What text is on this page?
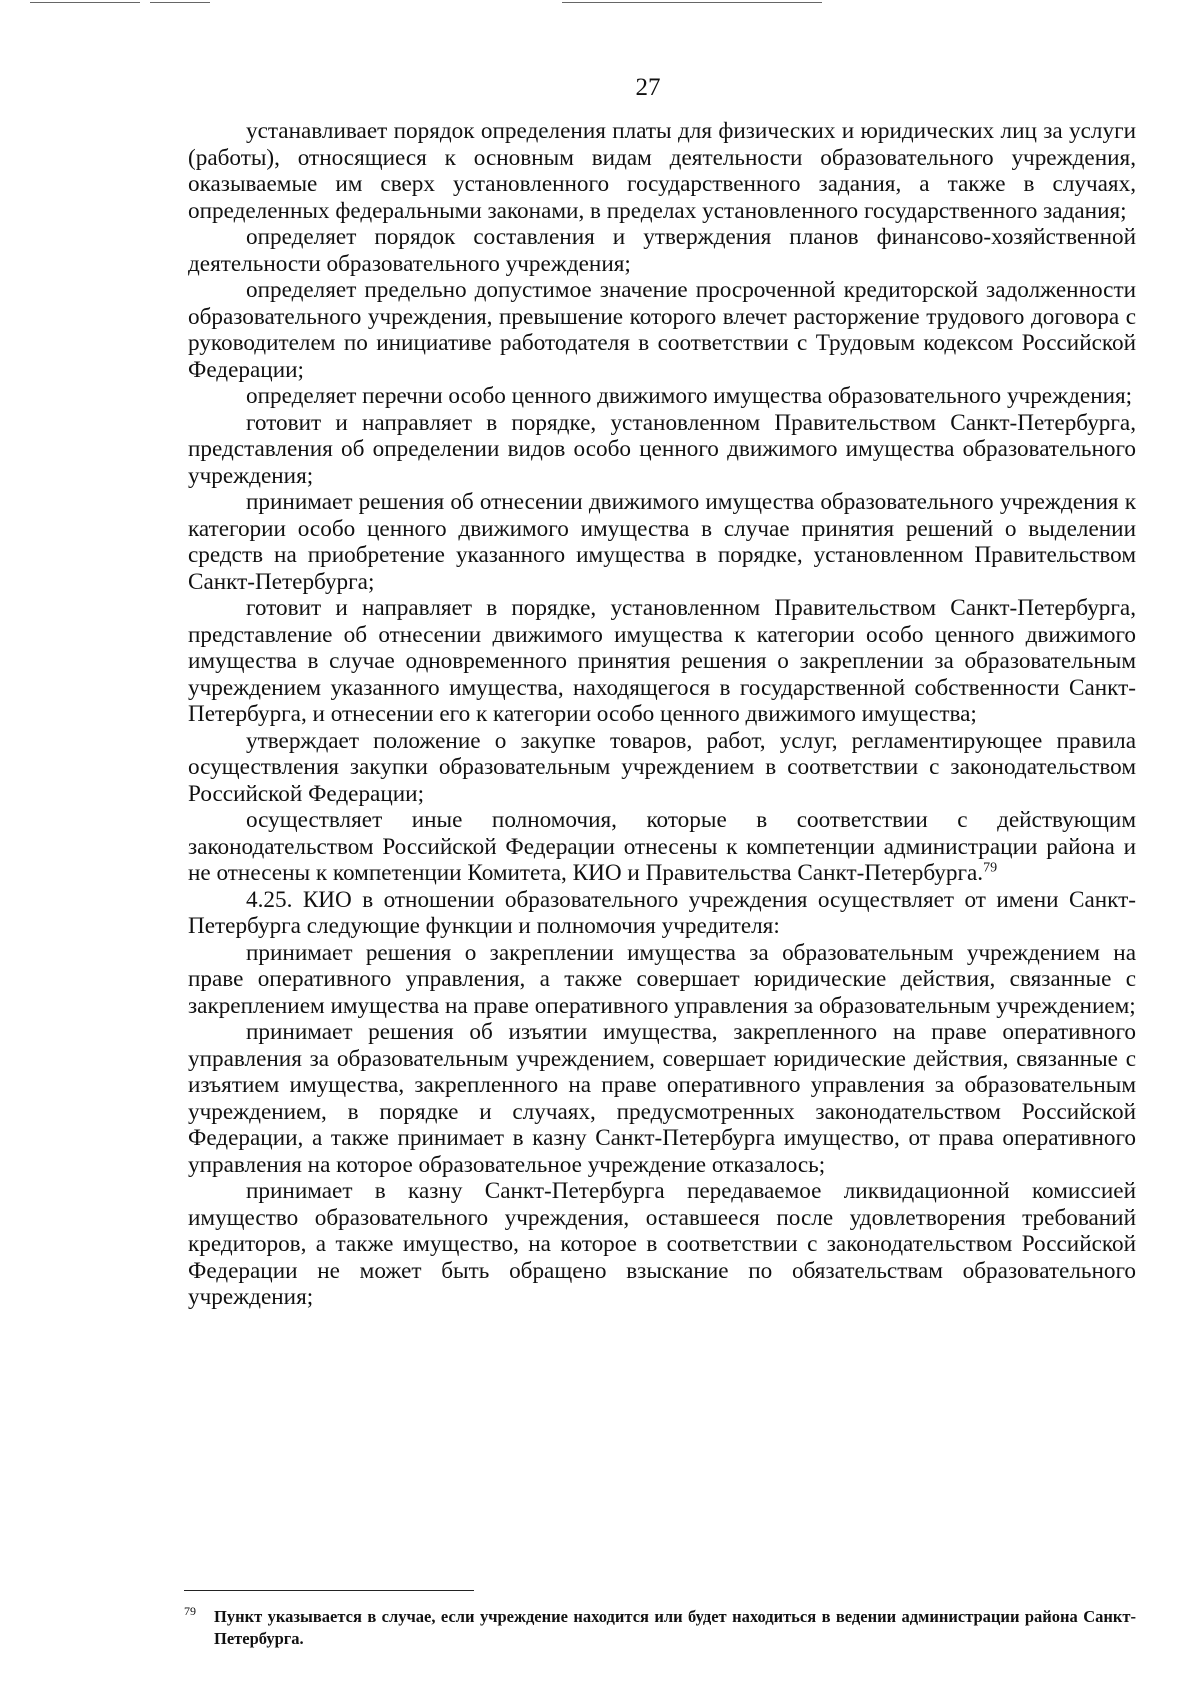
27

устанавливает порядок определения платы для физических и юридических лиц за услуги (работы), относящиеся к основным видам деятельности образовательного учреждения, оказываемые им сверх установленного государственного задания, а также в случаях, определенных федеральными законами, в пределах установленного государственного задания;

определяет порядок составления и утверждения планов финансово-хозяйственной деятельности образовательного учреждения;

определяет предельно допустимое значение просроченной кредиторской задолженности образовательного учреждения, превышение которого влечет расторжение трудового договора с руководителем по инициативе работодателя в соответствии с Трудовым кодексом Российской Федерации;

определяет перечни особо ценного движимого имущества образовательного учреждения;

готовит и направляет в порядке, установленном Правительством Санкт-Петербурга, представления об определении видов особо ценного движимого имущества образовательного учреждения;

принимает решения об отнесении движимого имущества образовательного учреждения к категории особо ценного движимого имущества в случае принятия решений о выделении средств на приобретение указанного имущества в порядке, установленном Правительством Санкт-Петербурга;

готовит и направляет в порядке, установленном Правительством Санкт-Петербурга, представление об отнесении движимого имущества к категории особо ценного движимого имущества в случае одновременного принятия решения о закреплении за образовательным учреждением указанного имущества, находящегося в государственной собственности Санкт-Петербурга, и отнесении его к категории особо ценного движимого имущества;

утверждает положение о закупке товаров, работ, услуг, регламентирующее правила осуществления закупки образовательным учреждением в соответствии с законодательством Российской Федерации;

осуществляет иные полномочия, которые в соответствии с действующим законодательством Российской Федерации отнесены к компетенции администрации района и не отнесены к компетенции Комитета, КИО и Правительства Санкт-Петербурга.$^{79}$

4.25. КИО в отношении образовательного учреждения осуществляет от имени Санкт-Петербурга следующие функции и полномочия учредителя:

принимает решения о закреплении имущества за образовательным учреждением на праве оперативного управления, а также совершает юридические действия, связанные с закреплением имущества на праве оперативного управления за образовательным учреждением;

принимает решения об изъятии имущества, закрепленного на праве оперативного управления за образовательным учреждением, совершает юридические действия, связанные с изъятием имущества, закрепленного на праве оперативного управления за образовательным учреждением, в порядке и случаях, предусмотренных законодательством Российской Федерации, а также принимает в казну Санкт-Петербурга имущество, от права оперативного управления на которое образовательное учреждение отказалось;

принимает в казну Санкт-Петербурга передаваемое ликвидационной комиссией имущество образовательного учреждения, оставшееся после удовлетворения требований кредиторов, а также имущество, на которое в соответствии с законодательством Российской Федерации не может быть обращено взыскание по обязательствам образовательного учреждения;

79 Пункт указывается в случае, если учреждение находится или будет находиться в ведении администрации района Санкт-Петербурга.
